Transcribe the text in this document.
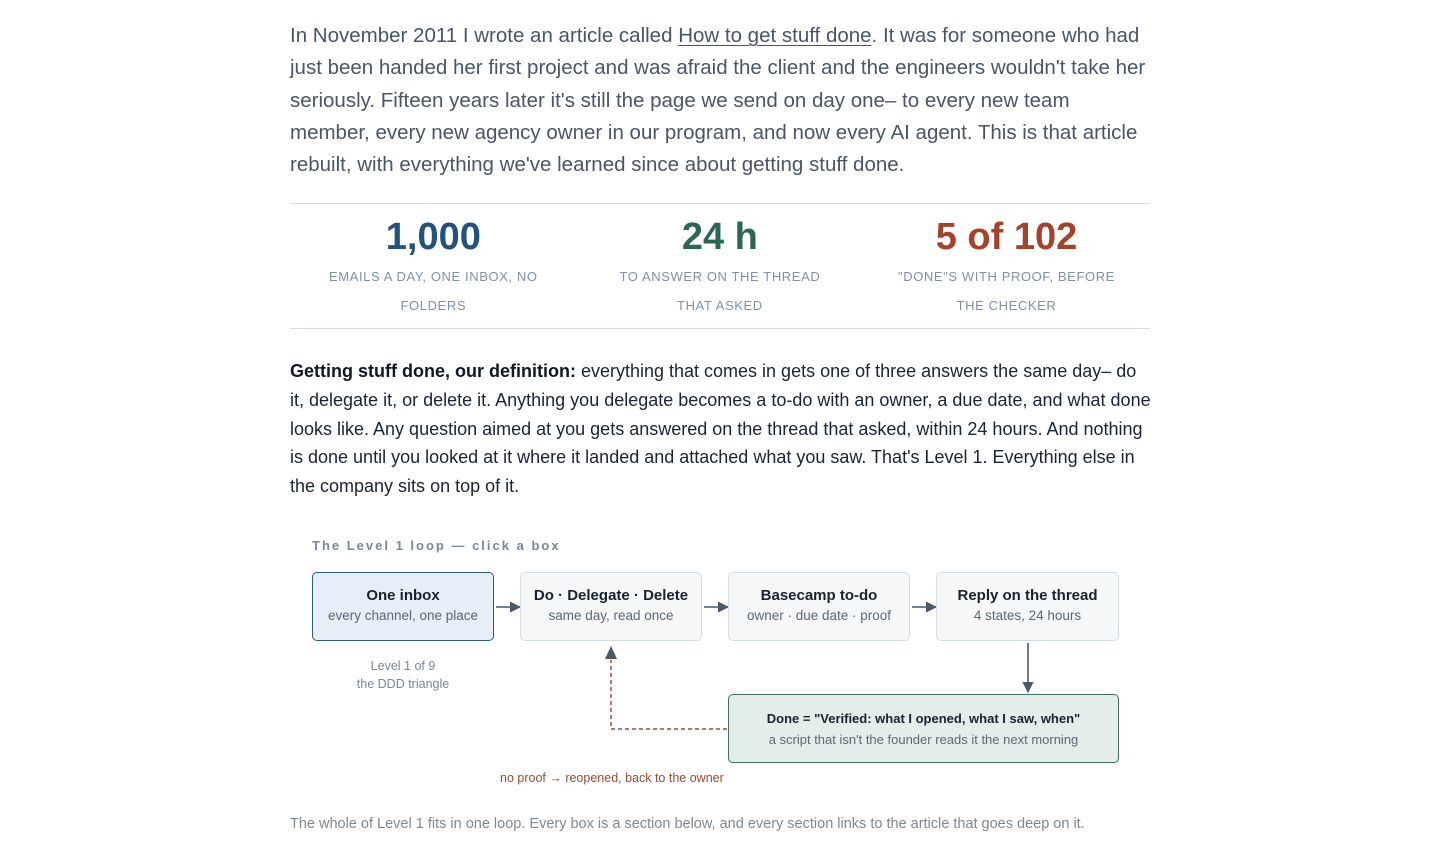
In November 2011 I wrote an article called How to get stuff done. It was for someone who had just been handed her first project and was afraid the client and the engineers wouldn't take her seriously. Fifteen years later it's still the page we send on day one– to every new team member, every new agency owner in our program, and now every AI agent. This is that article rebuilt, with everything we've learned since about getting stuff done.

1,000
EMAILS A DAY, ONE INBOX, NO FOLDERS
24 h
TO ANSWER ON THE THREAD THAT ASKED
5 of 102
"DONE"S WITH PROOF, BEFORE THE CHECKER

Getting stuff done, our definition: everything that comes in gets one of three answers the same day– do it, delegate it, or delete it. Anything you delegate becomes a to-do with an owner, a due date, and what done looks like. Any question aimed at you gets answered on the thread that asked, within 24 hours. And nothing is done until you looked at it where it landed and attached what you saw. That's Level 1. Everything else in the company sits on top of it.

The Level 1 loop — click a box
One inbox
every channel, one place
Do · Delegate · Delete
same day, read once
Basecamp to-do
owner · due date · proof
Reply on the thread
4 states, 24 hours
Level 1 of 9
the DDD triangle
Done = "Verified: what I opened, what I saw, when"
a script that isn't the founder reads it the next morning
no proof → reopened, back to the owner

The whole of Level 1 fits in one loop. Every box is a section below, and every section links to the article that goes deep on it.
